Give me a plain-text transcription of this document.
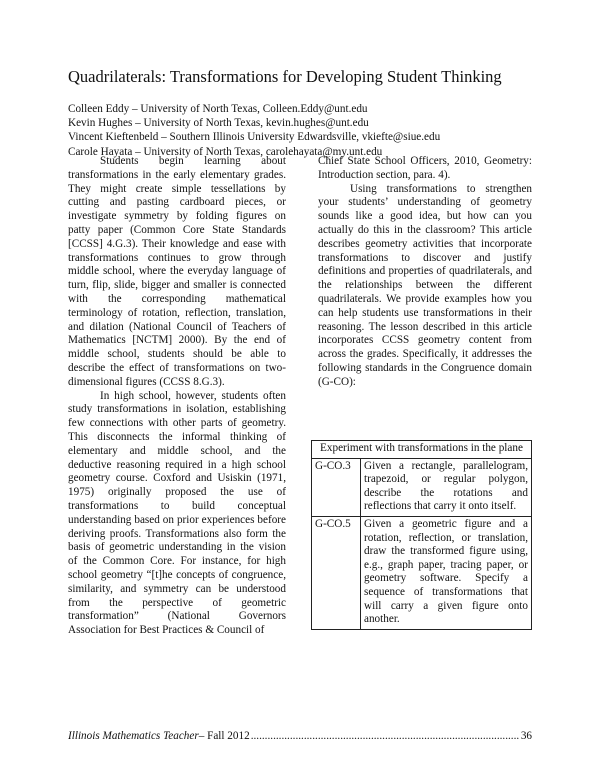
Quadrilaterals: Transformations for Developing Student Thinking
Colleen Eddy – University of North Texas, Colleen.Eddy@unt.edu
Kevin Hughes – University of North Texas, kevin.hughes@unt.edu
Vincent Kieftenbeld – Southern Illinois University Edwardsville, vkiefte@siue.edu
Carole Hayata – University of North Texas, carolehayata@my.unt.edu

Students begin learning about transformations in the early elementary grades. They might create simple tessellations by cutting and pasting cardboard pieces, or investigate symmetry by folding figures on patty paper (Common Core State Standards [CCSS] 4.G.3). Their knowledge and ease with transformations continues to grow through middle school, where the everyday language of turn, flip, slide, bigger and smaller is connected with the corresponding mathematical terminology of rotation, reflection, translation, and dilation (National Council of Teachers of Mathematics [NCTM] 2000). By the end of middle school, students should be able to describe the effect of transformations on two-dimensional figures (CCSS 8.G.3).

In high school, however, students often study transformations in isolation, establishing few connections with other parts of geometry. This disconnects the informal thinking of elementary and middle school, and the deductive reasoning required in a high school geometry course. Coxford and Usiskin (1971, 1975) originally proposed the use of transformations to build conceptual understanding based on prior experiences before deriving proofs. Transformations also form the basis of geometric understanding in the vision of the Common Core. For instance, for high school geometry “[t]he concepts of congruence, similarity, and symmetry can be understood from the perspective of geometric transformation” (National Governors Association for Best Practices & Council of

Chief State School Officers, 2010, Geometry: Introduction section, para. 4).

Using transformations to strengthen your students’ understanding of geometry sounds like a good idea, but how can you actually do this in the classroom? This article describes geometry activities that incorporate transformations to discover and justify definitions and properties of quadrilaterals, and the relationships between the different quadrilaterals. We provide examples how you can help students use transformations in their reasoning. The lesson described in this article incorporates CCSS geometry content from across the grades. Specifically, it addresses the following standards in the Congruence domain (G-CO):

Experiment with transformations in the plane	
G-CO.3	Given a rectangle, parallelogram, trapezoid, or regular polygon, describe the rotations and reflections that carry it onto itself.
G-CO.5	Given a geometric figure and a rotation, reflection, or translation, draw the transformed figure using, e.g., graph paper, tracing paper, or geometry software. Specify a sequence of transformations that will carry a given figure onto another.
Illinois Mathematics Teacher – Fall 2012 .....	36
